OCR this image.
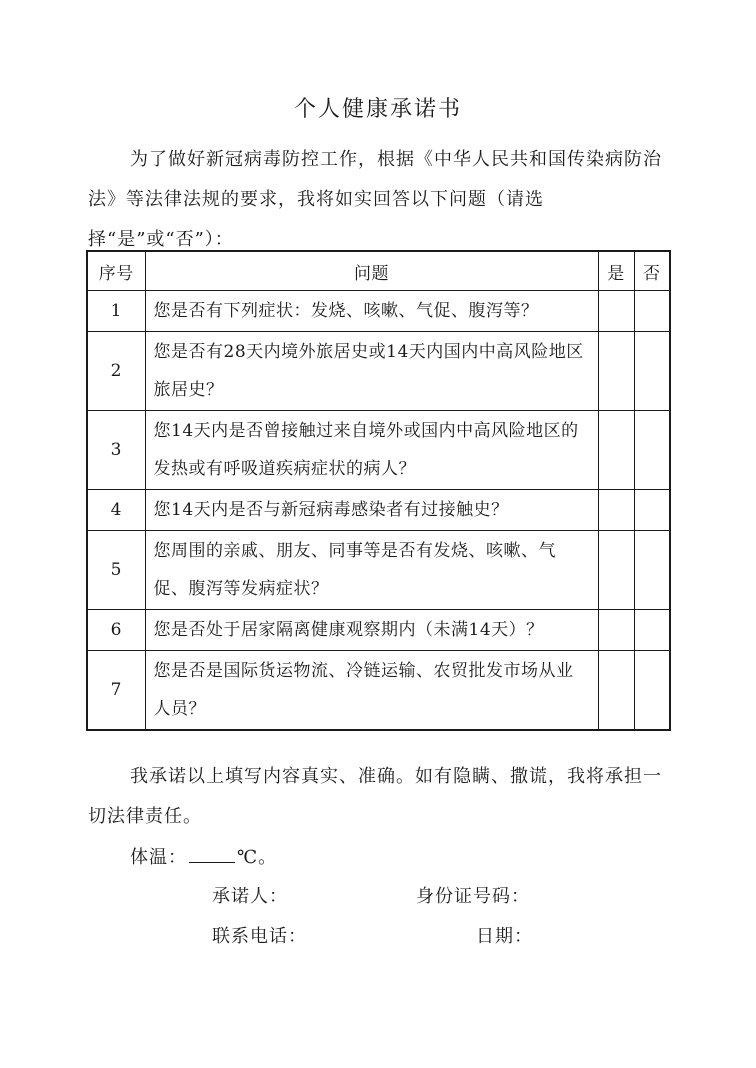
个人健康承诺书

为了做好新冠病毒防控工作，根据《中华人民共和国传染病防治法》等法律法规的要求，我将如实回答以下问题（请选择“是”或“否”）：

序号	问题	是	否
1	您是否有下列症状：发烧、咳嗽、气促、腹泻等？		
2	您是否有28天内境外旅居史或14天内国内中高风险地区旅居史？		
3	您14天内是否曾接触过来自境外或国内中高风险地区的发热或有呼吸道疾病症状的病人？		
4	您14天内是否与新冠病毒感染者有过接触史？		
5	您周围的亲戚、朋友、同事等是否有发烧、咳嗽、气促、腹泻等发病症状？		
6	您是否处于居家隔离健康观察期内（未满14天）？		
7	您是否是国际货运物流、冷链运输、农贸批发市场从业人员？		

我承诺以上填写内容真实、准确。如有隐瞒、撒谎，我将承担一切法律责任。

体温：	℃。
承诺人：	身份证号码：
联系电话：	日期：
